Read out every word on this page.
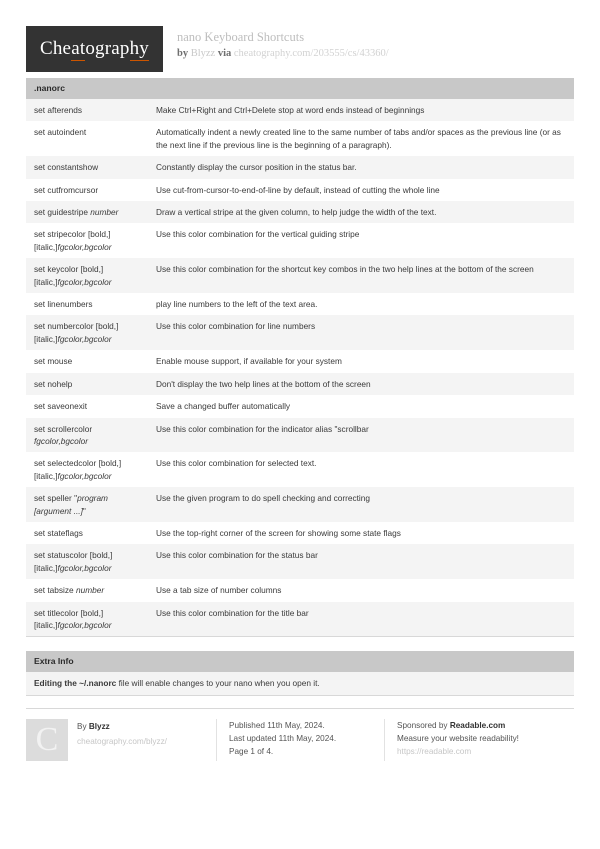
Cheatography
nano Keyboard Shortcuts
by Blyzz via cheatography.com/203555/cs/43360/
.nanorc
set afterends	Make Ctrl+Right and Ctrl+Delete stop at word ends instead of beginnings
set autoindent	Automatically indent a newly created line to the same number of tabs and/or spaces as the previous line (or as the next line if the previous line is the beginning of a paragraph).
set constantshow	Constantly display the cursor position in the status bar.
set cutfromcursor	Use cut-from-cursor-to-end-of-line by default, instead of cutting the whole line
set guidestripe number	Draw a vertical stripe at the given column, to help judge the width of the text.
set stripecolor [bold,][italic,]fgcolor,bgcolor	Use this color combination for the vertical guiding stripe
set keycolor [bold,][italic,]fgcolor,bgcolor	Use this color combination for the shortcut key combos in the two help lines at the bottom of the screen
set linenumbers	play line numbers to the left of the text area.
set numbercolor [bold,][italic,]fgcolor,bgcolor	Use this color combination for line numbers
set mouse	Enable mouse support, if available for your system
set nohelp	Don't display the two help lines at the bottom of the screen
set saveonexit	Save a changed buffer automatically
set scrollercolor fgcolor,bgcolor	Use this color combination for the indicator alias "scrollbar
set selectedcolor [bold,][italic,]fgcolor,bgcolor	Use this color combination for selected text.
set speller "program [argument ...]"	Use the given program to do spell checking and correcting
set stateflags	Use the top-right corner of the screen for showing some state flags
set statuscolor [bold,][italic,]fgcolor,bgcolor	Use this color combination for the status bar
set tabsize number	Use a tab size of number columns
set titlecolor [bold,][italic,]fgcolor,bgcolor	Use this color combination for the title bar
Extra Info
Editing the ~/.nanorc file will enable changes to your nano when you open it.
C	By Blyzz
cheatography.com/blyzz/
Published 11th May, 2024.
Last updated 11th May, 2024.
Page 1 of 4.
Sponsored by Readable.com
Measure your website readability!
https://readable.com
